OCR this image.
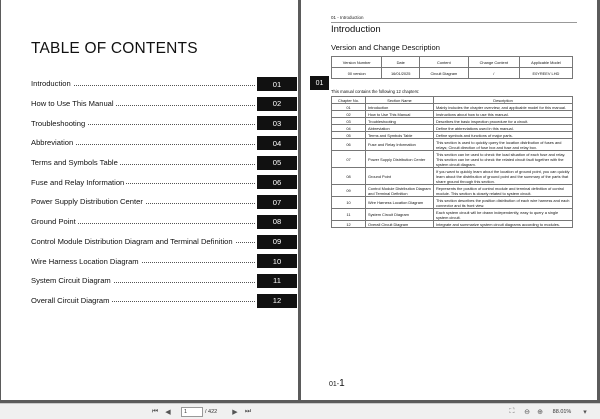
TABLE OF CONTENTS
Introduction	01
How to Use This Manual	02
Troubleshooting	03
Abbreviation	04
Terms and Symbols Table	05
Fuse and Relay Information	06
Power Supply Distribution Center	07
Ground Point	08
Control Module Distribution Diagram and Terminal Definition	09
Wire Harness Location Diagram	10
System Circuit Diagram	11
Overall Circuit Diagram	12
01
01 - Introduction
Introduction
Version and Change Description
Version Number	Date	Content	Change Content	Applicable Model
00 version	16/01/2025	Circuit Diagram	/	E0YREEV LHD
This manual contains the following 12 chapters:
Chapter No.	Section Name	Description
01	Introduction	Mainly includes the chapter overview, and applicable model for this manual.
02	How to Use This Manual	Instructions about how to use this manual.
03	Troubleshooting	Describes the basic inspection procedure for a circuit.
04	Abbreviation	Define the abbreviations used in this manual.
05	Terms and Symbols Table	Define symbols and functions of major parts.
06	Fuse and Relay Information	This section is used to quickly query the location distribution of fuses and relays; Circuit direction of fuse box and fuse and relay box.
07	Power Supply Distribution Center	This section can be used to check the load situation of each fuse and relay. This section can be used to check the related circuit fault together with the system circuit diagram.
08	Ground Point	If you want to quickly learn about the location of ground point, you can quickly learn about the distribution of ground point and the summary of the parts that share ground through this section.
09	Control Module Distribution Diagram and Terminal Definition	Represents the position of control module and terminal definition of control module. This section is closely related to system circuit.
10	Wire Harness Location Diagram	This section describes the position distribution of each wire harness and each connector and its front view.
11	System Circuit Diagram	Each system circuit will be drawn independently, easy to query a single system circuit.
12	Overall Circuit Diagram	Integrate and summarize system circuit diagrams according to modules.
01-1
⏮	◀	1	/ 422	▶	⏭	⛶	⊖ ⊕	88.01%	▾
